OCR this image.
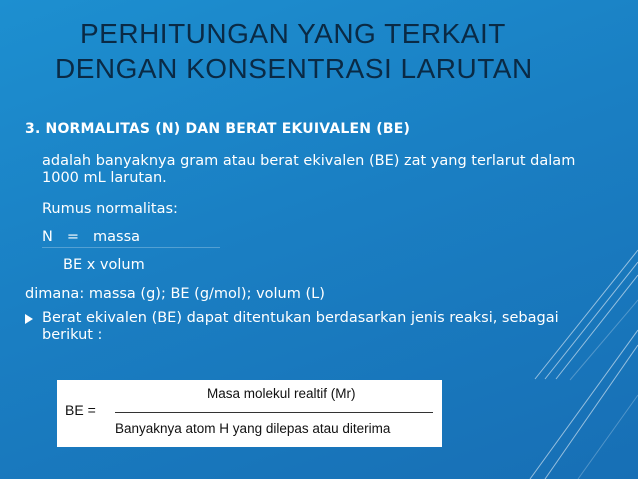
PERHITUNGAN YANG TERKAIT
DENGAN KONSENTRASI LARUTAN
3. NORMALITAS (N) DAN BERAT EKUIVALEN (BE)
adalah banyaknya gram atau berat ekivalen (BE) zat yang terlarut dalam 1000 mL larutan.
Rumus normalitas:
N = massa
BE x volum
dimana: massa (g); BE (g/mol); volum (L)
Berat ekivalen (BE) dapat ditentukan berdasarkan jenis reaksi, sebagai berikut :
BE =
Masa molekul realtif (Mr)
Banyaknya atom H yang dilepas atau diterima
